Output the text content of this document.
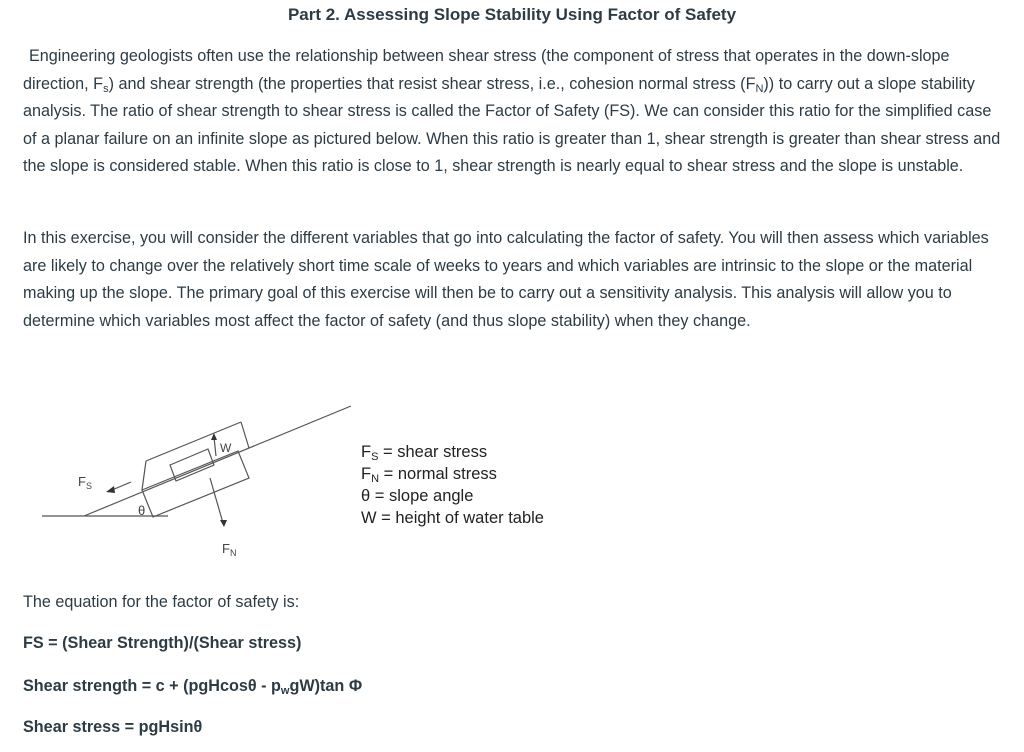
Part 2. Assessing Slope Stability Using Factor of Safety

Engineering geologists often use the relationship between shear stress (the component of stress that operates in the down-slope direction, $F_s$) and shear strength (the properties that resist shear stress, i.e., cohesion normal stress $(F_N)$) to carry out a slope stability analysis. The ratio of shear strength to shear stress is called the Factor of Safety (FS). We can consider this ratio for the simplified case of a planar failure on an infinite slope as pictured below. When this ratio is greater than 1, shear strength is greater than shear stress and the slope is considered stable. When this ratio is close to 1, shear strength is nearly equal to shear stress and the slope is unstable.

In this exercise, you will consider the different variables that go into calculating the factor of safety. You will then assess which variables are likely to change over the relatively short time scale of weeks to years and which variables are intrinsic to the slope or the material making up the slope. The primary goal of this exercise will then be to carry out a sensitivity analysis. This analysis will allow you to determine which variables most affect the factor of safety (and thus slope stability) when they change.

$F_S$
θ
W
$F_N$
$F_S$ = shear stress
$F_N$ = normal stress
θ = slope angle
W = height of water table
The equation for the factor of safety is:
FS = (Shear Strength)/(Shear stress)
Shear strength = $c + (pgHcos\theta - p_wgW)\tan$ Φ
Shear stress = pgHsinθ
